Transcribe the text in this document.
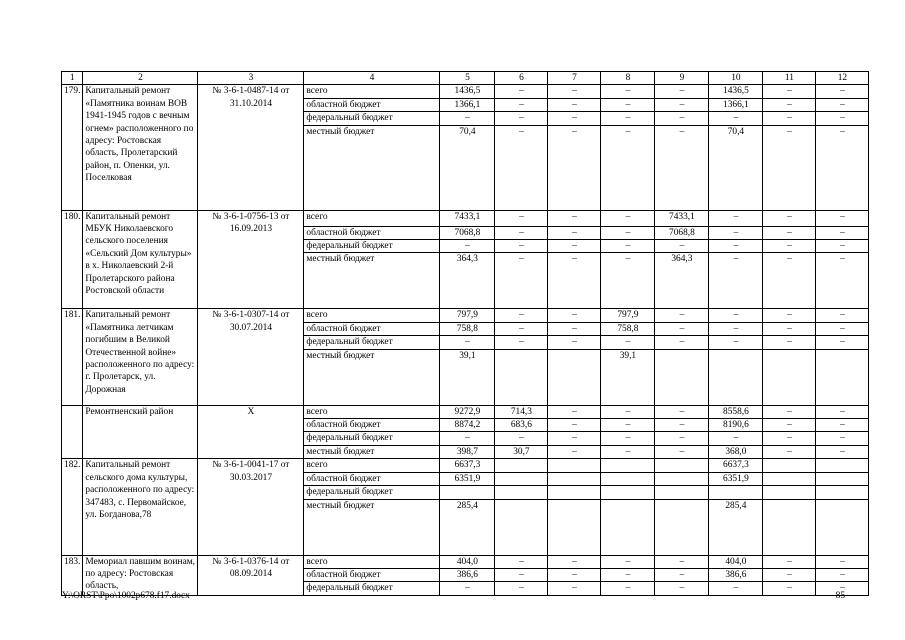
1	2	3	4	5	6	7	8	9	10	11	12
179.	Капитальный ремонт «Памятника воинам ВОВ 1941-1945 годов с вечным огнем» расположенного по адресу: Ростовская область, Пролетарский район, п. Опенки, ул. Поселковая	№ 3-6-1-0487-14 от 31.10.2014	всего	1436,5	–	–	–	–	1436,5	–	–
			областной бюджет	1366,1	–	–	–	–	1366,1	–	–
			федеральный бюджет	–	–	–	–	–	–	–	–
			местный бюджет	70,4	–	–	–	–	70,4	–	–
180.	Капитальный ремонт МБУК Николаевского сельского поселения «Сельский Дом культуры» в х. Николаевский 2-й Пролетарского района Ростовской области	№ 3-6-1-0756-13 от 16.09.2013	всего	7433,1	–	–	–	7433,1	–	–	–
			областной бюджет	7068,8	–	–	–	7068,8	–	–	–
			федеральный бюджет	–	–	–	–	–	–	–	–
			местный бюджет	364,3	–	–	–	364,3	–	–	–
181.	Капитальный ремонт «Памятника летчикам погибшим в Великой Отечественной войне» расположенного по адресу: г. Пролетарск, ул. Дорожная	№ 3-6-1-0307-14 от 30.07.2014	всего	797,9	–	–	797,9	–	–	–	–
			областной бюджет	758,8	–	–	758,8	–	–	–	–
			федеральный бюджет	–	–	–	–	–	–	–	–
			местный бюджет	39,1			39,1				
	Ремонтненский район	X	всего	9272,9	714,3	–	–	–	8558,6	–	–
			областной бюджет	8874,2	683,6	–	–	–	8190,6	–	–
			федеральный бюджет	–	–	–	–	–	–	–	–
			местный бюджет	398,7	30,7	–	–	–	368,0	–	–
182.	Капитальный ремонт сельского дома культуры, расположенного по адресу: 347483, с. Первомайское, ул. Богданова,78	№ 3-6-1-0041-17 от 30.03.2017	всего	6637,3					6637,3		
			областной бюджет	6351,9					6351,9		
			федеральный бюджет								
			местный бюджет	285,4					285,4		
183.	Мемориал павшим воинам, по адресу: Ростовская область,	№ 3-6-1-0376-14 от 08.09.2014	всего	404,0	–	–	–	–	404,0	–	–
			областной бюджет	386,6	–	–	–	–	386,6	–	–
			федеральный бюджет	–	–	–	–	–	–	–	–
Y:\ORST\Ppo\1002p678.f17.docx	85
